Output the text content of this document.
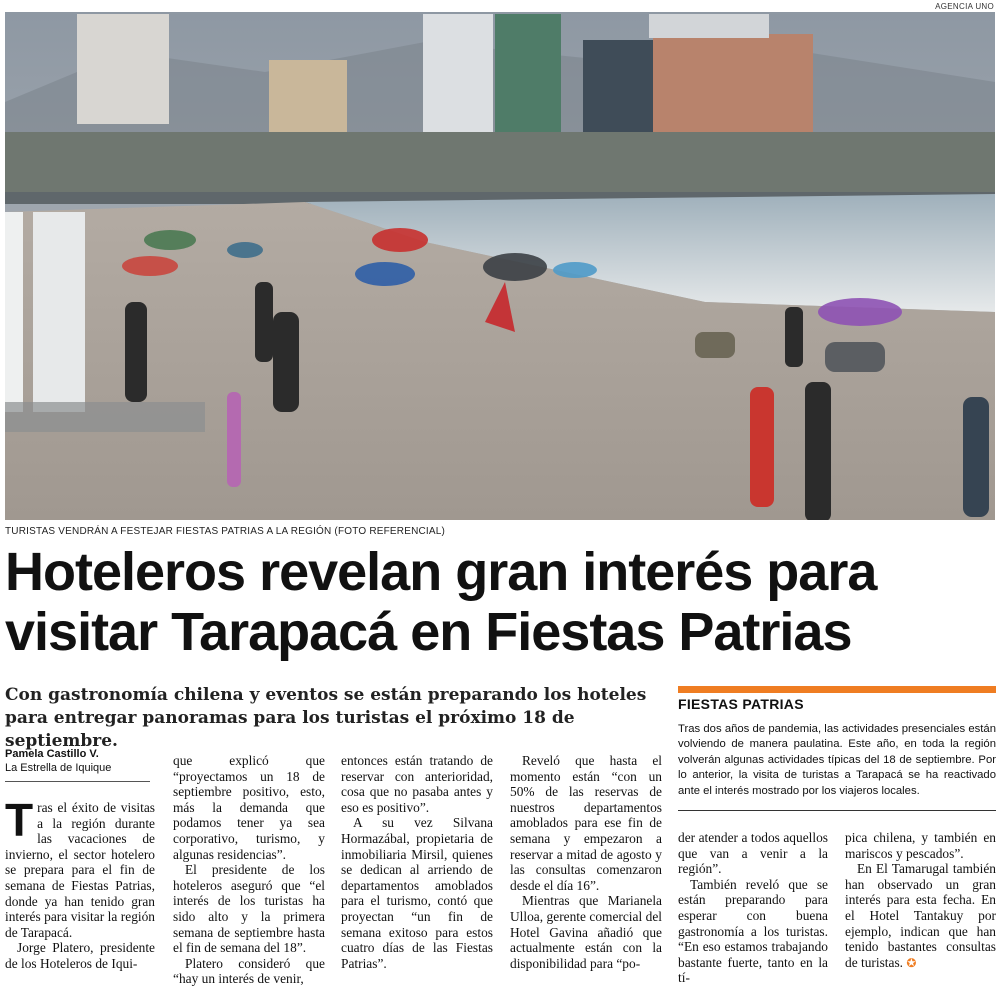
AGENCIA UNO
TURISTAS VENDRÁN A FESTEJAR FIESTAS PATRIAS A LA REGIÓN (FOTO REFERENCIAL)
Hoteleros revelan gran interés para visitar Tarapacá en Fiestas Patrias

Con gastronomía chilena y eventos se están preparando los hoteles para entregar panoramas para los turistas el próximo 18 de septiembre.

Pamela Castillo V.
La Estrella de Iquique

Tras el éxito de visitas a la región durante las vacaciones de invierno, el sector hotelero se prepara para el fin de semana de Fiestas Patrias, donde ya han tenido gran interés para visitar la región de Tarapacá.

Jorge Platero, presidente de los Hoteleros de Iqui-

que explicó que “proyectamos un 18 de septiembre positivo, esto, más la demanda que podamos tener ya sea corporativo, turismo, y algunas residencias”.

El presidente de los hoteleros aseguró que “el interés de los turistas ha sido alto y la primera semana de septiembre hasta el fin de semana del 18”.

Platero consideró que “hay un interés de venir,

entonces están tratando de reservar con anterioridad, cosa que no pasaba antes y eso es positivo”.

A su vez Silvana Hormazábal, propietaria de inmobiliaria Mirsil, quienes se dedican al arriendo de departamentos amoblados para el turismo, contó que proyectan “un fin de semana exitoso para estos cuatro días de las Fiestas Patrias”.

Reveló que hasta el momento están “con un 50% de las reservas de nuestros departamentos amoblados para ese fin de semana y empezaron a reservar a mitad de agosto y las consultas comenzaron desde el día 16”.

Mientras que Marianela Ulloa, gerente comercial del Hotel Gavina añadió que actualmente están con la disponibilidad para “po-

FIESTAS PATRIAS

Tras dos años de pandemia, las actividades presenciales están volviendo de manera paulatina. Este año, en toda la región volverán algunas actividades típicas del 18 de septiembre. Por lo anterior, la visita de turistas a Tarapacá se ha reactivado ante el interés mostrado por los viajeros locales.

der atender a todos aquellos que van a venir a la región”.

También reveló que se están preparando para esperar con buena gastronomía a los turistas. “En eso estamos trabajando bastante fuerte, tanto en la tí-

pica chilena, y también en mariscos y pescados”.

En El Tamarugal también han observado un gran interés para esta fecha. En el Hotel Tantakuy por ejemplo, indican que han tenido bastantes consultas de turistas. ✪
